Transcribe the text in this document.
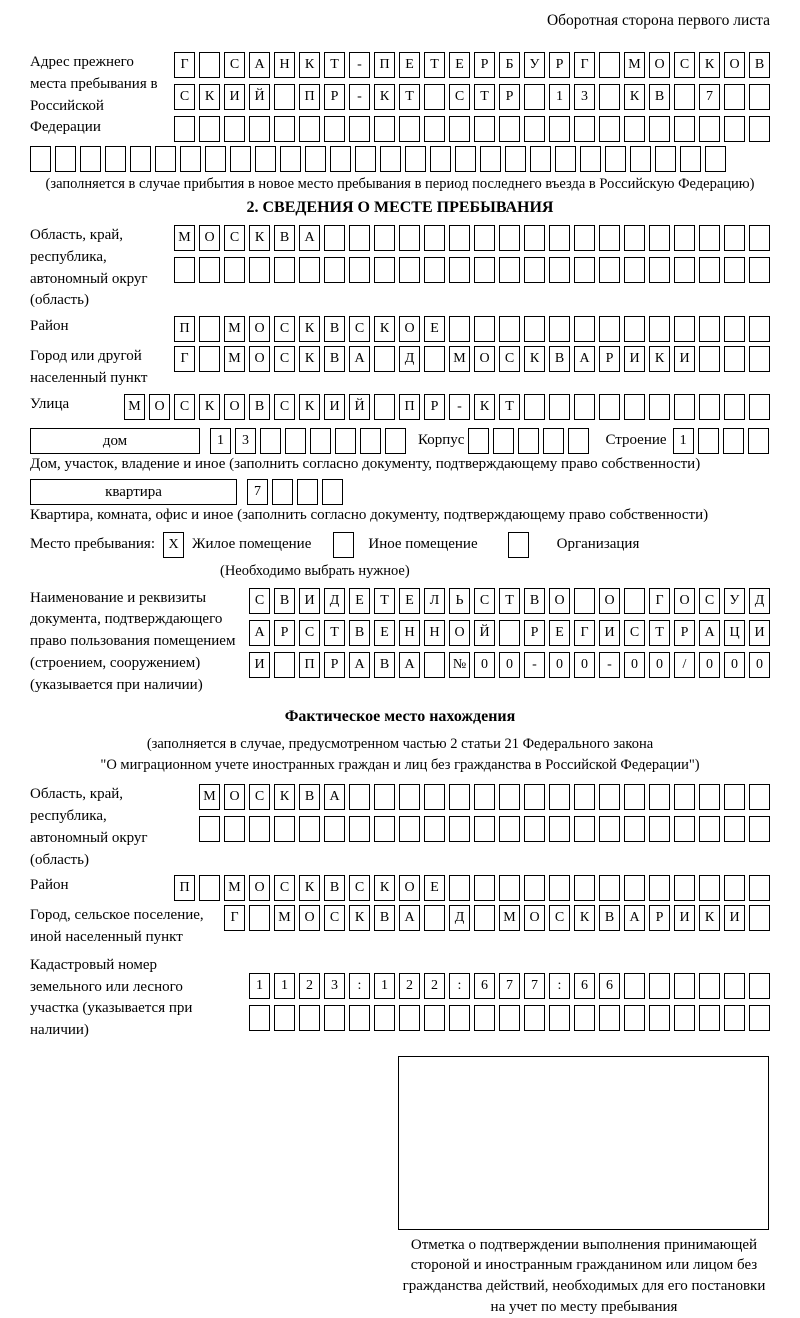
Оборотная сторона первого листа
Адрес прежнего места пребывания в Российской Федерации
Г	С	А	Н	К	Т	-	П	Е	Т	Е	Р	Б	У	Р	Г	М О	С	К	О	В
С	К	И	Й	П	Р	-	К	Т	С	Т	Р	1	3	К	В	7
(заполняется в случае прибытия в новое место пребывания в период последнего въезда в Российскую Федерацию)
2. СВЕДЕНИЯ О МЕСТЕ ПРЕБЫВАНИЯ
Область, край, республика, автономный округ (область)
М О	С	К	В	А
Район	П	М О	С	К	В	С	К	О	Е
Город или другой населенный пункт
Г	М О	С	К	В	А	Д	М О	С	К	В	А	Р	И	К	И
Улица	М О	С	К	О	В	С	К	И	Й	П	Р	-	К	Т
дом	1	3	Корпус	Строение 1
Дом, участок, владение и иное (заполнить согласно документу, подтверждающему право собственности)
квартира	7
Квартира, комната, офис и иное (заполнить согласно документу, подтверждающему право собственности)
Место пребывания: X Жилое помещение	Иное помещение	Организация
(Необходимо выбрать нужное)
Наименование и реквизиты документа, подтверждающего право пользования помещением (строением, сооружением) (указывается при наличии)
С	В	И	Д	Е	Т	Е	Л	Ь	С	Т	В	О	О	Г	О	С	У	Д
А	Р	С	Т	В	Е	Н	Н	О	Й	Р	Е	Г	И	С	Т	Р	А	Ц	И
И	П	Р	А	В	А	№	0	0	-	0	0	-	0	0	/	0	0	0
Фактическое место нахождения
(заполняется в случае, предусмотренном частью 2 статьи 21 Федерального закона
"О миграционном учете иностранных граждан и лиц без гражданства в Российской Федерации")
Область, край, республика, автономный округ (область)
М О	С	К	В	А
Район	П	М О	С	К	В	С	К	О	Е
Город, сельское поселение, иной населенный пункт
Г	М О	С	К	В	А	Д	М О	С	К	В	А	Р	И	К	И
Кадастровый номер земельного или лесного участка (указывается при наличии)
1	1	2	3	:	1	2	2	:	6	7	7	:	6	6
Отметка о подтверждении выполнения принимающей стороной и иностранным гражданином или лицом без гражданства действий, необходимых для его постановки на учет по месту пребывания
